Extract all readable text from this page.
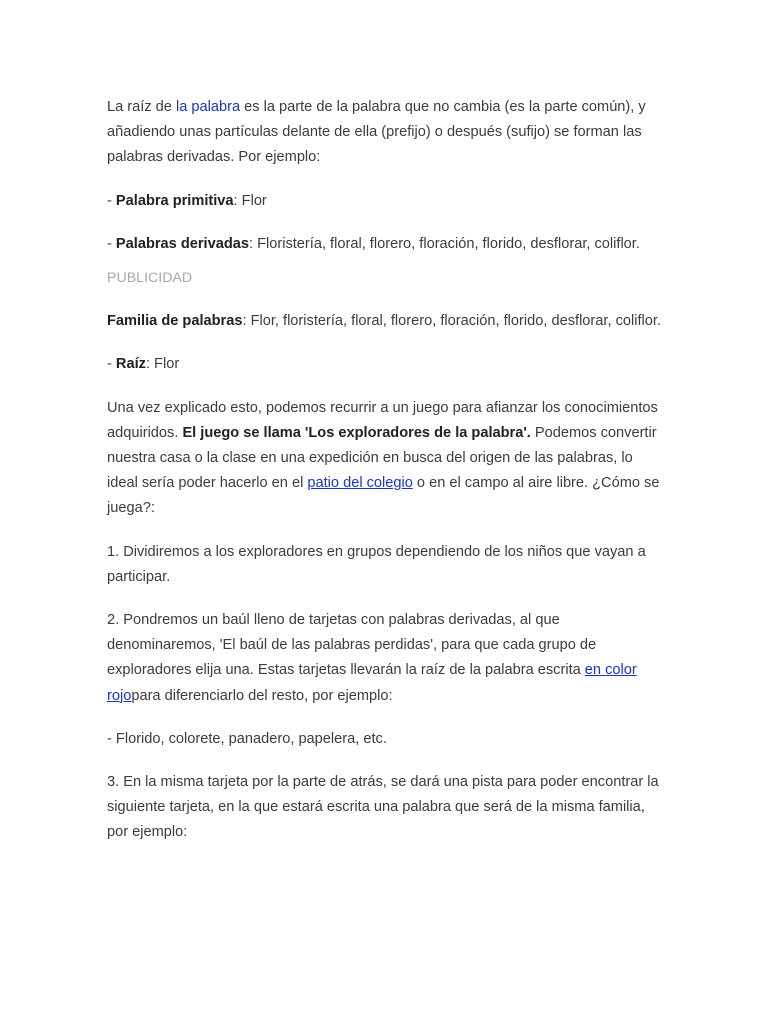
La raíz de la palabra es la parte de la palabra que no cambia (es la parte común), y añadiendo unas partículas delante de ella (prefijo) o después (sufijo) se forman las palabras derivadas. Por ejemplo:

- Palabra primitiva: Flor

- Palabras derivadas: Floristería, floral, florero, floración, florido, desflorar, coliflor.

PUBLICIDAD

Familia de palabras: Flor, floristería, floral, florero, floración, florido, desflorar, coliflor.

- Raíz: Flor

Una vez explicado esto, podemos recurrir a un juego para afianzar los conocimientos adquiridos. El juego se llama 'Los exploradores de la palabra'. Podemos convertir nuestra casa o la clase en una expedición en busca del origen de las palabras, lo ideal sería poder hacerlo en el patio del colegio o en el campo al aire libre. ¿Cómo se juega?:

1. Dividiremos a los exploradores en grupos dependiendo de los niños que vayan a participar.

2. Pondremos un baúl lleno de tarjetas con palabras derivadas, al que denominaremos, 'El baúl de las palabras perdidas', para que cada grupo de exploradores elija una. Estas tarjetas llevarán la raíz de la palabra escrita en color rojopara diferenciarlo del resto, por ejemplo:

- Florido, colorete, panadero, papelera, etc.

3. En la misma tarjeta por la parte de atrás, se dará una pista para poder encontrar la siguiente tarjeta, en la que estará escrita una palabra que será de la misma familia, por ejemplo:
